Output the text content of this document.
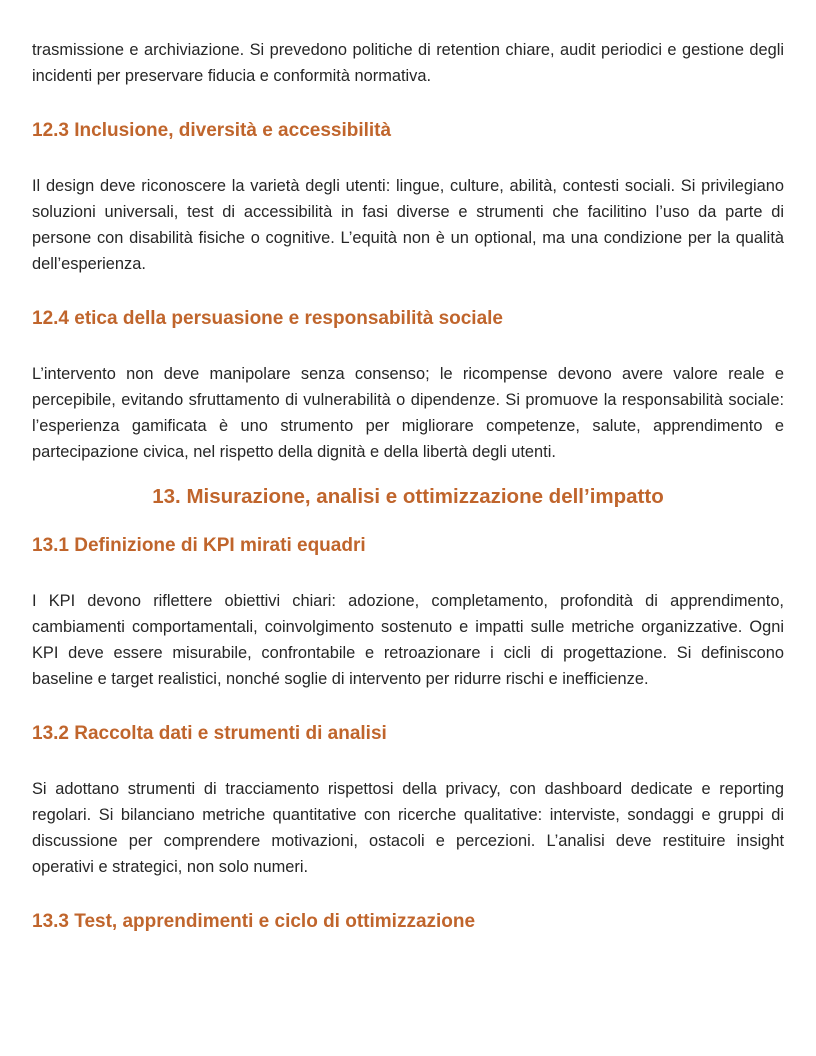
trasmissione e archiviazione. Si prevedono politiche di retention chiare, audit periodici e gestione degli incidenti per preservare fiducia e conformità normativa.

12.3 Inclusione, diversità e accessibilità

Il design deve riconoscere la varietà degli utenti: lingue, culture, abilità, contesti sociali. Si privilegiano soluzioni universali, test di accessibilità in fasi diverse e strumenti che facilitino l’uso da parte di persone con disabilità fisiche o cognitive. L’equità non è un optional, ma una condizione per la qualità dell’esperienza.

12.4 etica della persuasione e responsabilità sociale

L’intervento non deve manipolare senza consenso; le ricompense devono avere valore reale e percepibile, evitando sfruttamento di vulnerabilità o dipendenze. Si promuove la responsabilità sociale: l’esperienza gamificata è uno strumento per migliorare competenze, salute, apprendimento e partecipazione civica, nel rispetto della dignità e della libertà degli utenti.

13. Misurazione, analisi e ottimizzazione dell’impatto
13.1 Definizione di KPI mirati equadri

I KPI devono riflettere obiettivi chiari: adozione, completamento, profondità di apprendimento, cambiamenti comportamentali, coinvolgimento sostenuto e impatti sulle metriche organizzative. Ogni KPI deve essere misurabile, confrontabile e retroazionare i cicli di progettazione. Si definiscono baseline e target realistici, nonché soglie di intervento per ridurre rischi e inefficienze.

13.2 Raccolta dati e strumenti di analisi

Si adottano strumenti di tracciamento rispettosi della privacy, con dashboard dedicate e reporting regolari. Si bilanciano metriche quantitative con ricerche qualitative: interviste, sondaggi e gruppi di discussione per comprendere motivazioni, ostacoli e percezioni. L’analisi deve restituire insight operativi e strategici, non solo numeri.

13.3 Test, apprendimenti e ciclo di ottimizzazione
